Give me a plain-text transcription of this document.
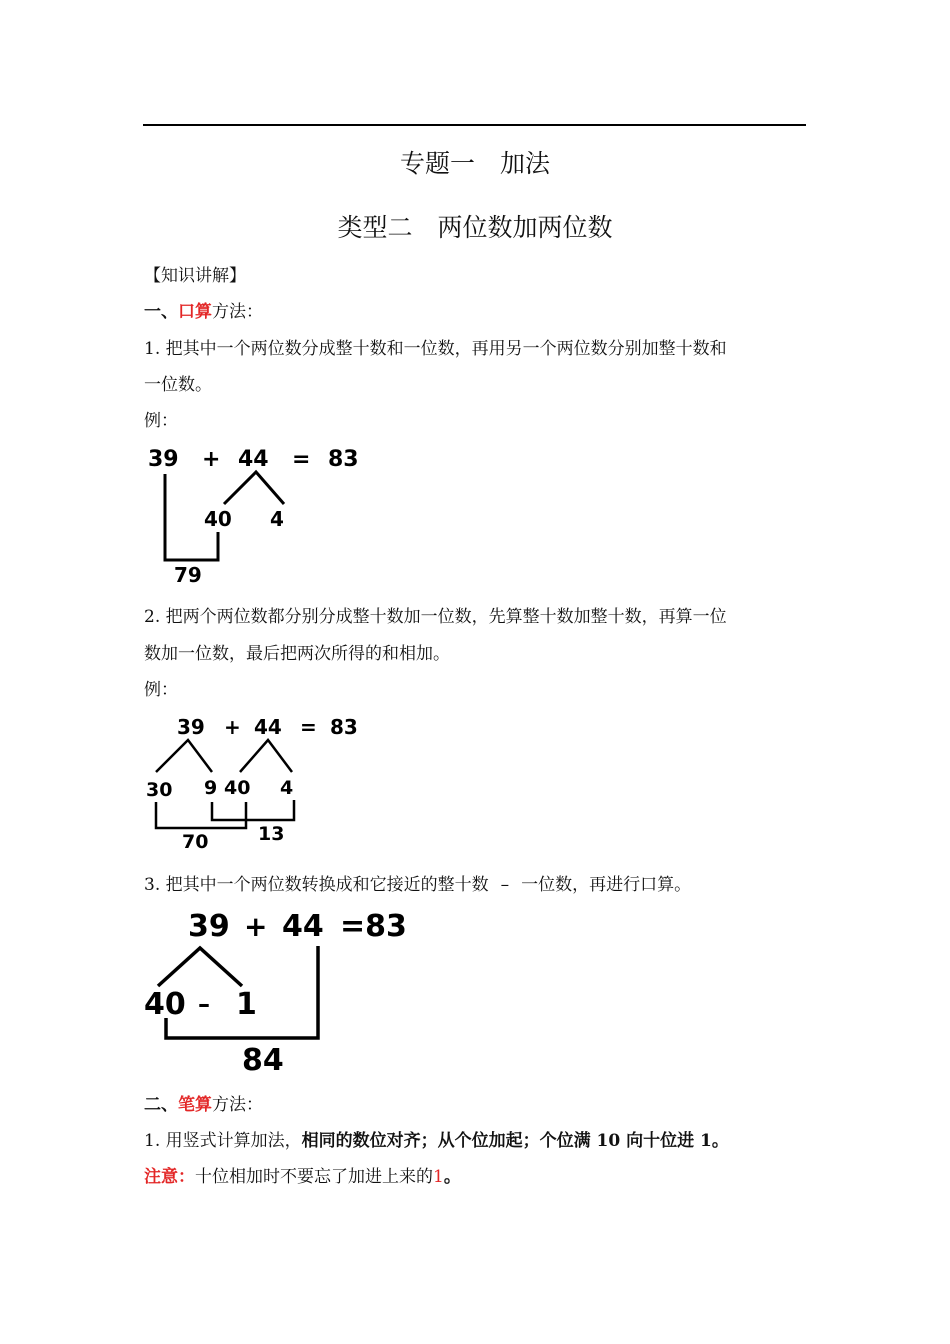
专题一　加法
类型二　两位数加两位数
【知识讲解】
一、口算方法：
1. 把其中一个两位数分成整十数和一位数，再用另一个两位数分别加整十数和
一位数。
例：
39 + 44 = 83
40 4
79
2. 把两个两位数都分别分成整十数加一位数，先算整十数加整十数，再算一位
数加一位数，最后把两次所得的和相加。
例：
39 + 44 = 83
30 9 40 4
70	13
3. 把其中一个两位数转换成和它接近的整十数 – 一位数，再进行口算。
39 + 44 =83
40 – 1
84
二、笔算方法：
1. 用竖式计算加法，相同的数位对齐；从个位加起；个位满 10 向十位进 1。
注意：十位相加时不要忘了加进上来的1。
